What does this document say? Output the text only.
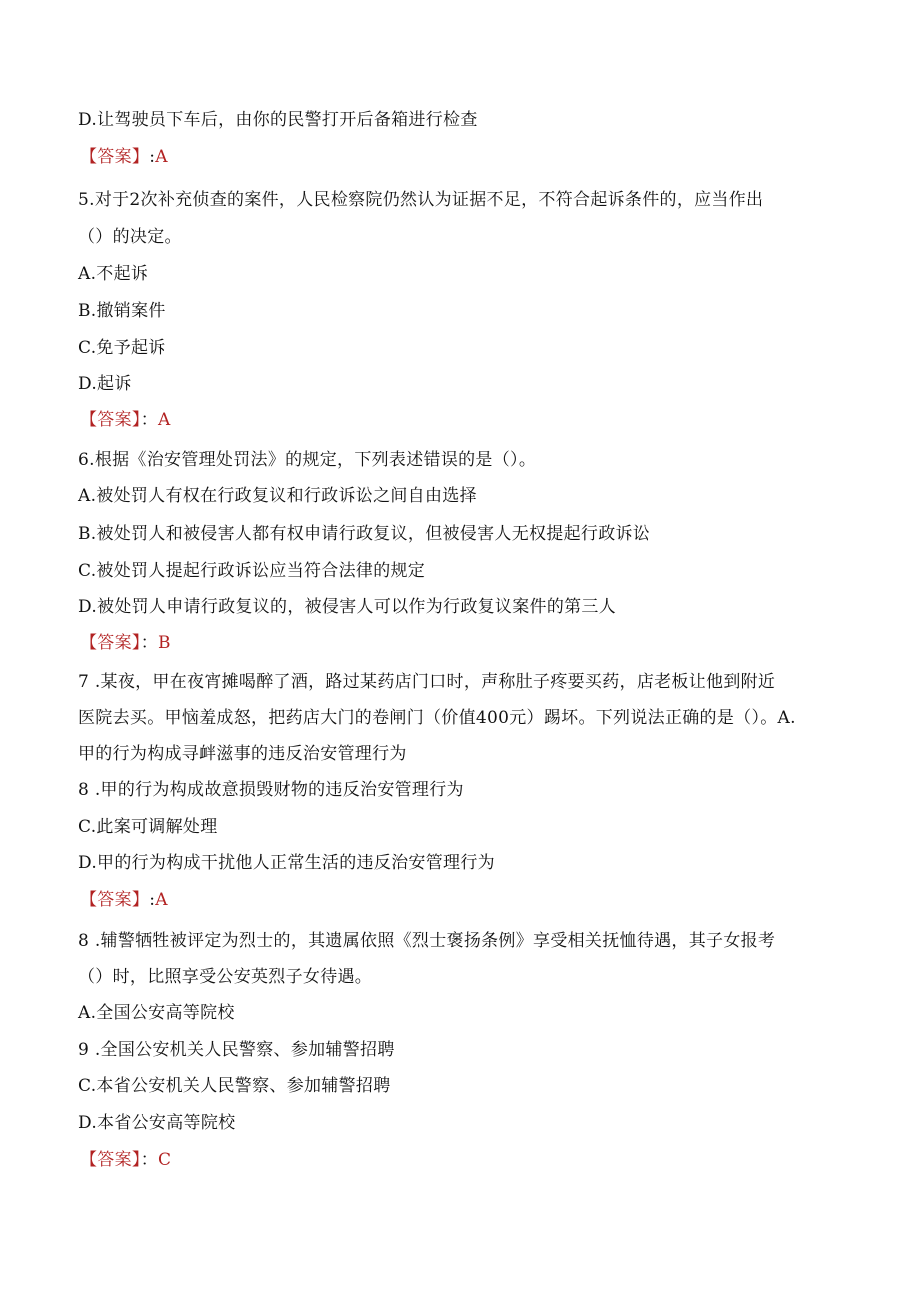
D.让驾驶员下车后，由你的民警打开后备箱进行检查
【答案】:A
5.对于2次补充侦查的案件，人民检察院仍然认为证据不足，不符合起诉条件的，应当作出
（）的决定。
A.不起诉
B.撤销案件
C.免予起诉
D.起诉
【答案】：A
6.根据《治安管理处罚法》的规定，下列表述错误的是（）。
A.被处罚人有权在行政复议和行政诉讼之间自由选择
B.被处罚人和被侵害人都有权申请行政复议，但被侵害人无权提起行政诉讼
C.被处罚人提起行政诉讼应当符合法律的规定
D.被处罚人申请行政复议的，被侵害人可以作为行政复议案件的第三人
【答案】：B
7 .某夜，甲在夜宵摊喝醉了酒，路过某药店门口时，声称肚子疼要买药，店老板让他到附近
医院去买。甲恼羞成怒，把药店大门的卷闸门（价值400元）踢坏。下列说法正确的是（）。A.
甲的行为构成寻衅滋事的违反治安管理行为
8 .甲的行为构成故意损毁财物的违反治安管理行为
C.此案可调解处理
D.甲的行为构成干扰他人正常生活的违反治安管理行为
【答案】:A
8 .辅警牺牲被评定为烈士的，其遗属依照《烈士褒扬条例》享受相关抚恤待遇，其子女报考
（）时，比照享受公安英烈子女待遇。
A.全国公安高等院校
9 .全国公安机关人民警察、参加辅警招聘
C.本省公安机关人民警察、参加辅警招聘
D.本省公安高等院校
【答案】：C
